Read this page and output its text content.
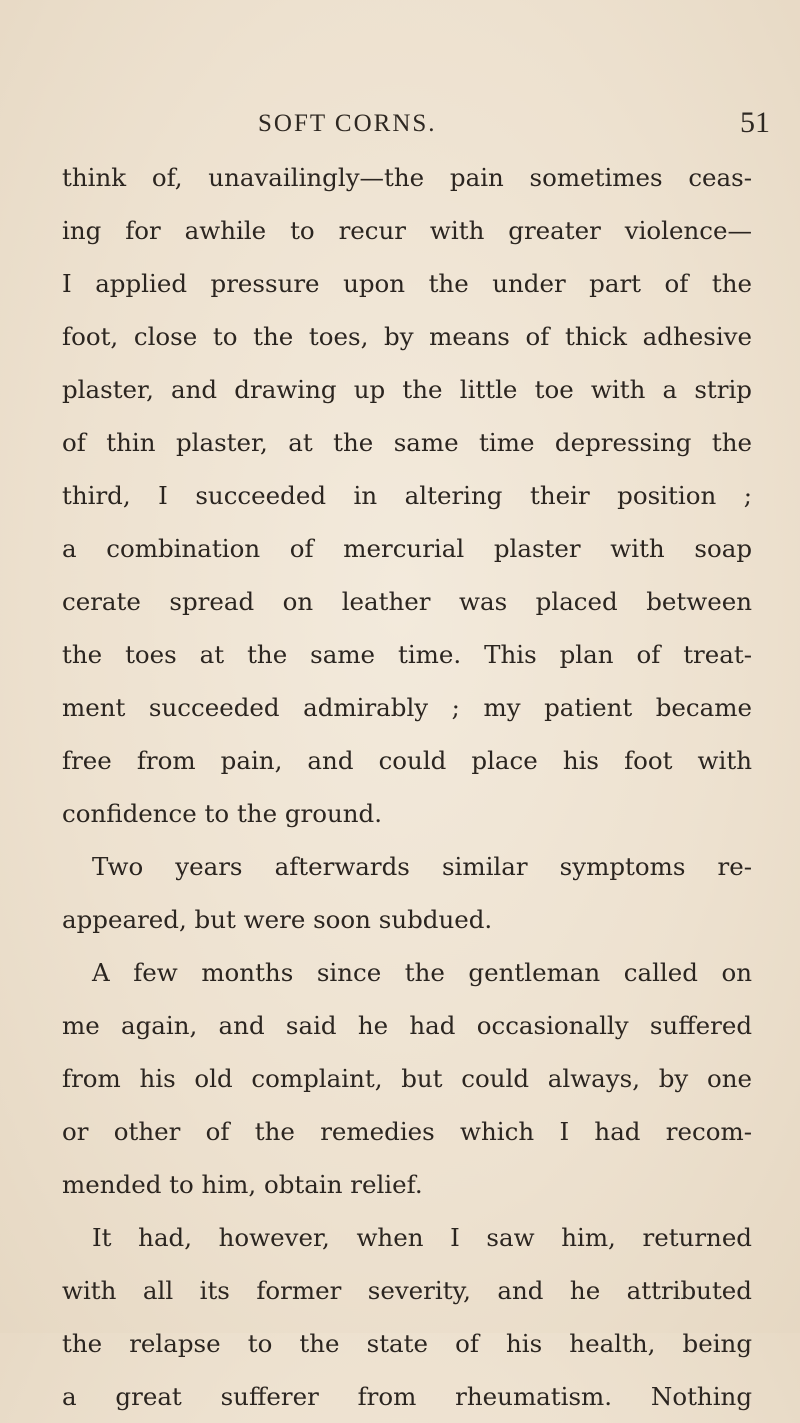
SOFT CORNS.	51
think of, unavailingly—the pain sometimes ceas-
ing for awhile to recur with greater violence—
I applied pressure upon the under part of the
foot, close to the toes, by means of thick adhesive
plaster, and drawing up the little toe with a strip
of thin plaster, at the same time depressing the
third, I succeeded in altering their position ;
a combination of mercurial plaster with soap
cerate spread on leather was placed between
the toes at the same time. This plan of treat-
ment succeeded admirably ; my patient became
free from pain, and could place his foot with
confidence to the ground.
Two years afterwards similar symptoms re-
appeared, but were soon subdued.
A few months since the gentleman called on
me again, and said he had occasionally suffered
from his old complaint, but could always, by one
or other of the remedies which I had recom-
mended to him, obtain relief.
It had, however, when I saw him, returned
with all its former severity, and he attributed
the relapse to the state of his health, being
a great sufferer from rheumatism. Nothing
